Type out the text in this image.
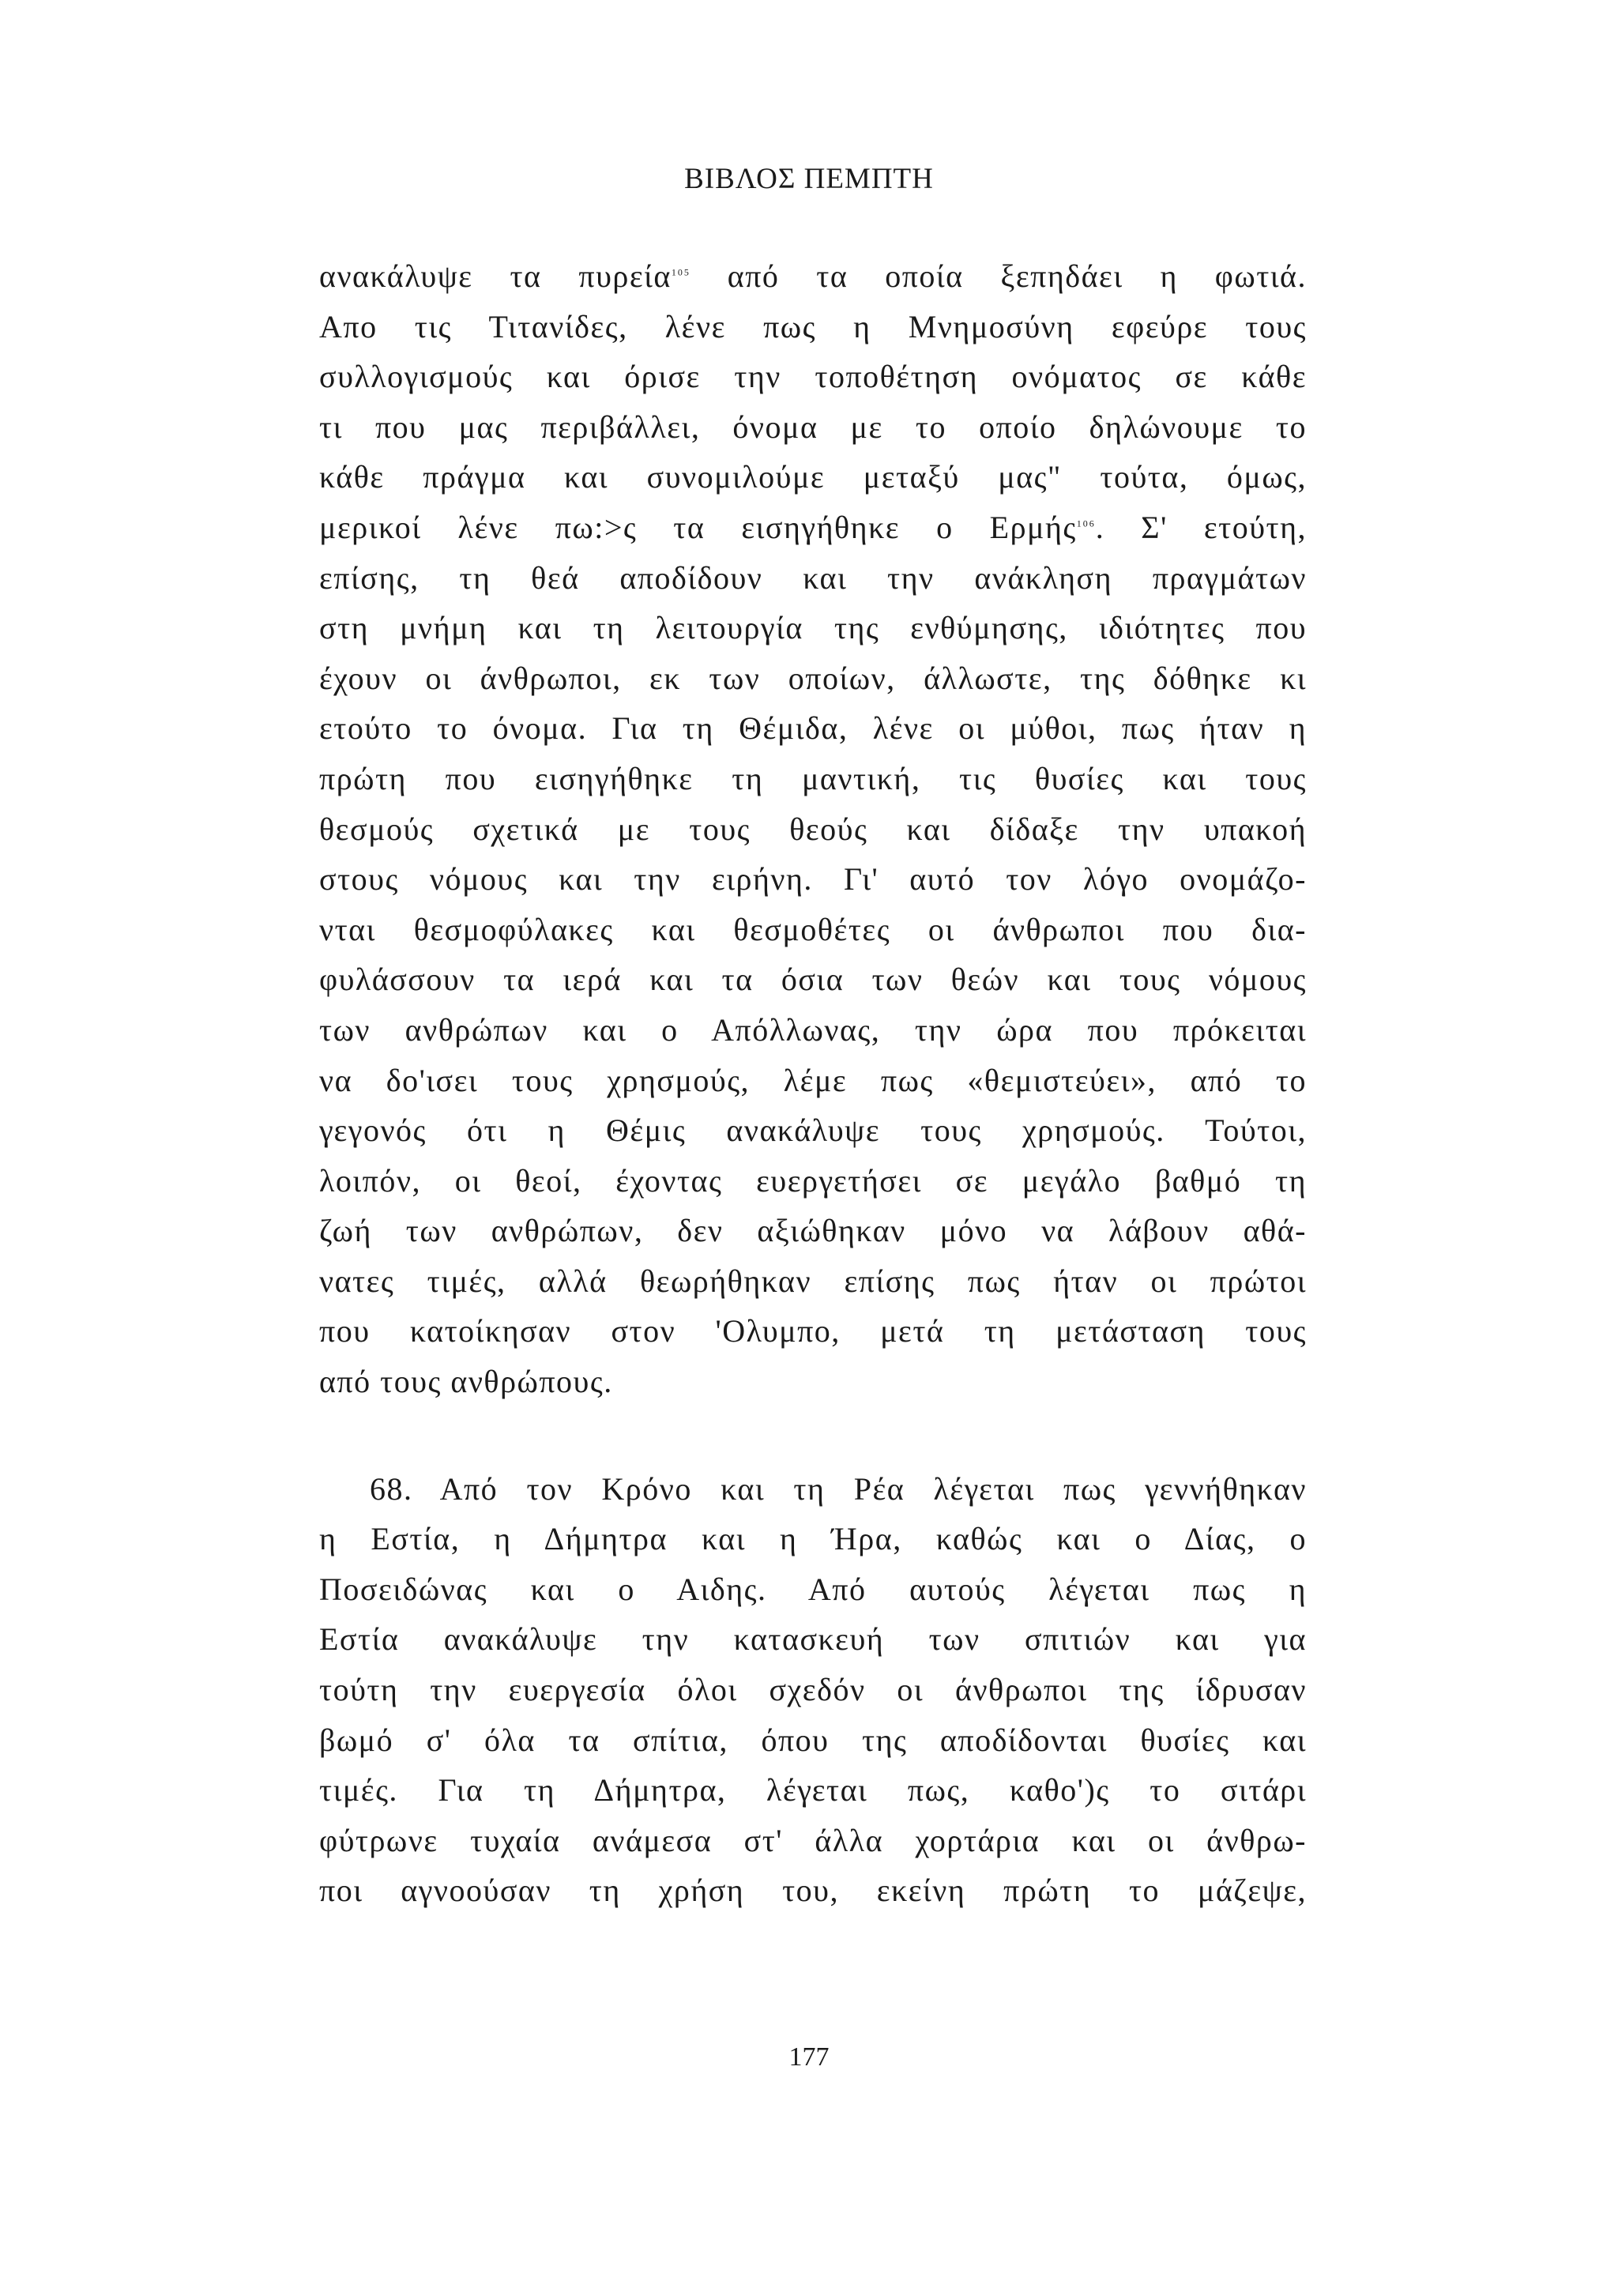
ΒΙΒΛΟΣ ΠΕΜΠΤΗ
ανακάλυψε τα πυρεία$^{105}$ από τα οποία ξεπηδάει η φωτιά.
Απο τις Τιτανίδες, λένε πως η Μνημοσύνη εφεύρε τους
συλλογισμούς και όρισε την τοποθέτηση ονόματος σε κάθε
τι που μας περιβάλλει, όνομα με το οποίο δηλώνουμε το
κάθε πράγμα και συνομιλούμε μεταξύ μας" τούτα, όμως,
μερικοί λένε πω:>ς τα εισηγήθηκε ο Ερμής$^{106}$. Σ' ετούτη,
επίσης, τη θεά αποδίδουν και την ανάκληση πραγμάτων
στη μνήμη και τη λειτουργία της ενθύμησης, ιδιότητες που
έχουν οι άνθρωποι, εκ των οποίων, άλλωστε, της δόθηκε κι
ετούτο το όνομα. Για τη Θέμιδα, λένε οι μύθοι, πως ήταν η
πρώτη που εισηγήθηκε τη μαντική, τις θυσίες και τους
θεσμούς σχετικά με τους θεούς και δίδαξε την υπακοή
στους νόμους και την ειρήνη. Γι' αυτό τον λόγο ονομάζο-
νται θεσμοφύλακες και θεσμοθέτες οι άνθρωποι που δια-
φυλάσσουν τα ιερά και τα όσια των θεών και τους νόμους
των ανθρώπων και ο Απόλλωνας, την ώρα που πρόκειται
να δο'ισει τους χρησμούς, λέμε πως «θεμιστεύει», από το
γεγονός ότι η Θέμις ανακάλυψε τους χρησμούς. Τούτοι,
λοιπόν, οι θεοί, έχοντας ευεργετήσει σε μεγάλο βαθμό τη
ζωή των ανθρώπων, δεν αξιώθηκαν μόνο να λάβουν αθά-
νατες τιμές, αλλά θεωρήθηκαν επίσης πως ήταν οι πρώτοι
που κατοίκησαν στον 'Ολυμπο, μετά τη μετάσταση τους
από τους ανθρώπους.
68. Από τον Κρόνο και τη Ρέα λέγεται πως γεννήθηκαν
η Εστία, η Δήμητρα και η Ήρα, καθώς και ο Δίας, ο
Ποσειδώνας και ο Αιδης. Από αυτούς λέγεται πως η
Εστία ανακάλυψε την κατασκευή των σπιτιών και για
τούτη την ευεργεσία όλοι σχεδόν οι άνθρωποι της ίδρυσαν
βωμό σ' όλα τα σπίτια, όπου της αποδίδονται θυσίες και
τιμές. Για τη Δήμητρα, λέγεται πως, καθο')ς το σιτάρι
φύτρωνε τυχαία ανάμεσα στ' άλλα χορτάρια και οι άνθρω-
ποι αγνοούσαν τη χρήση του, εκείνη πρώτη το μάζεψε,
177
